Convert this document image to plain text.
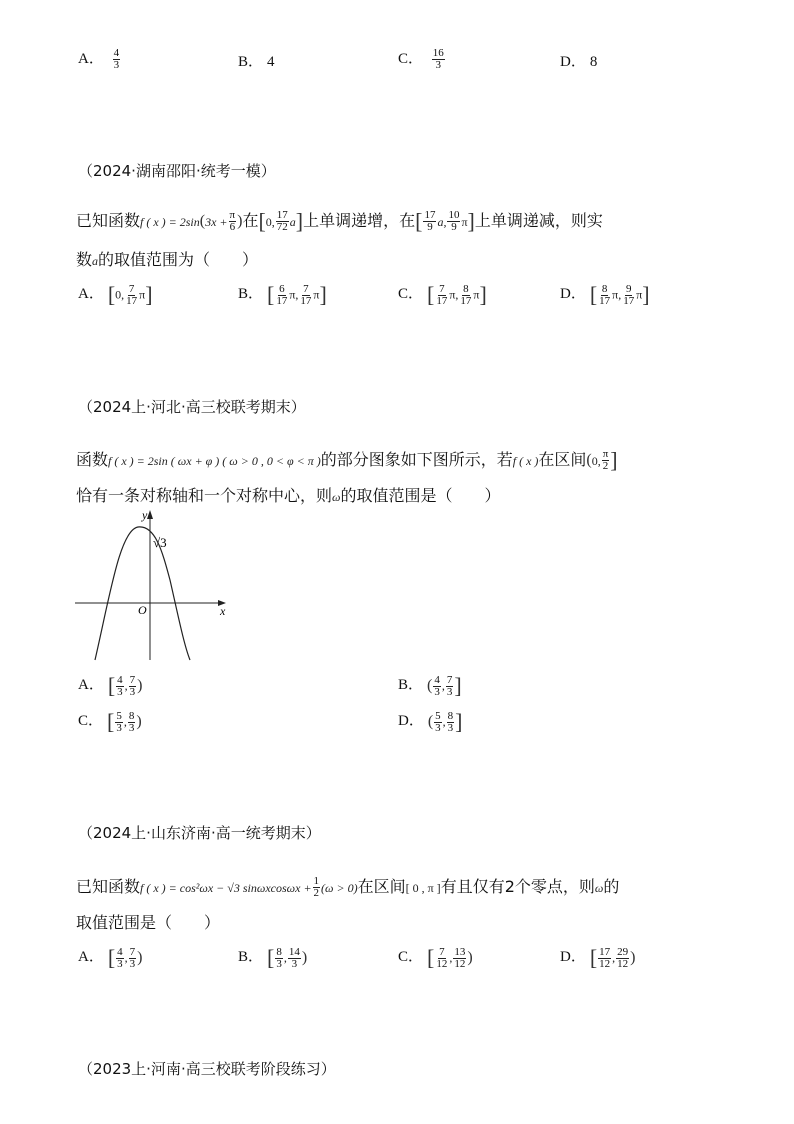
A． $\frac{4}{3}$	B． 4	C． $\frac{16}{3}$	D． 8
（2024·湖南邵阳·统考一模）
已知函数f ( x ) = $2\sin(3x + \frac{\pi}{6}$ )在[0, $\frac{17}{72} a$]上单调递增，在[ $\frac{17}{9} a$, $\frac{10}{9} \pi$]上单调递减，则实
数a的取值范围为（　　）
A． [0, $\frac{7}{17} \pi$]	B． [ $\frac{6}{17} \pi$, $\frac{7}{17} \pi$]	C． [ $\frac{7}{17} \pi$, $\frac{8}{17} \pi$]	D． [ $\frac{8}{17} \pi$, $\frac{9}{17} \pi$]
（2024上·河北·高三校联考期末）
函数f ( x ) = 2sin ( ωx + φ ) ( ω > 0 , 0 < φ < π )的部分图象如下图所示，若f ( x )在区间(0, $\frac{\pi}{2}$ ]
恰有一条对称轴和一个对称中心，则ω的取值范围是（　　）
y
x
O
√3
A． [ $\frac{4}{3}$ , $\frac{7}{3}$ )	B． ( $\frac{4}{3}$ , $\frac{7}{3}$ ]
C． [ $\frac{5}{3}$ , $\frac{8}{3}$ )	D． ( $\frac{5}{3}$ , $\frac{8}{3}$ ]
（2024上·山东济南·高一统考期末）
已知函数f ( x ) = cos²ωx − √3 $\sin\omega xcos\omega x + \frac{1}{2} (\omega > 0)$在区间[ 0 , π ]有且仅有2个零点，则ω的
取值范围是（　　）
A． [ $\frac{4}{3}$ , $\frac{7}{3}$ )	B． [ $\frac{8}{3}$ , $\frac{14}{3}$ )	C． [ $\frac{7}{12}$ , $\frac{13}{12}$ )	D． [ $\frac{17}{12}$ , $\frac{29}{12}$ )
（2023上·河南·高三校联考阶段练习）
